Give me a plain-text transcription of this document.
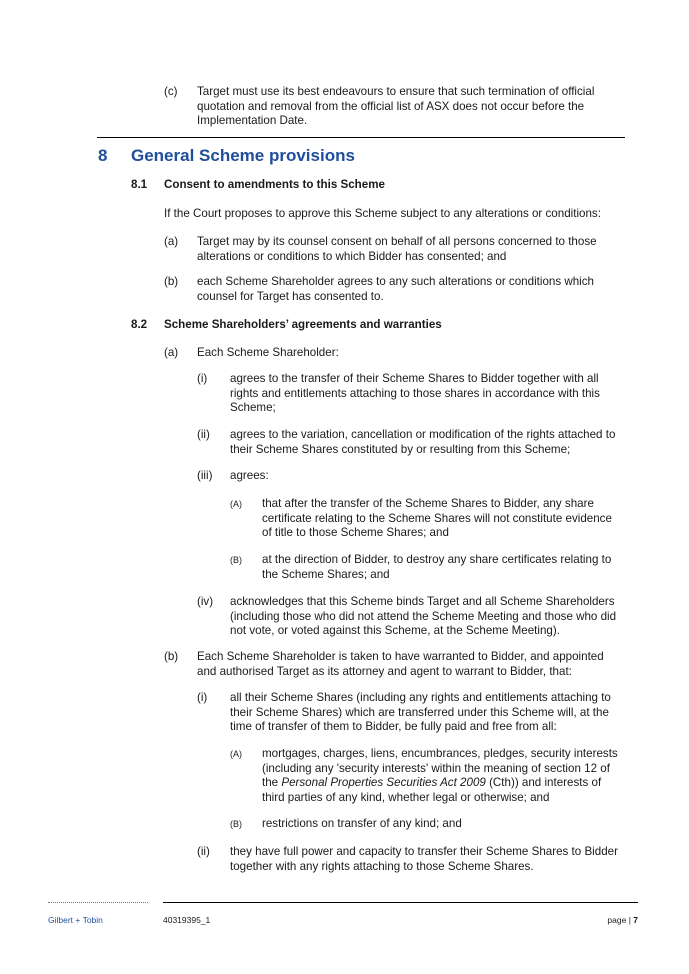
(c) Target must use its best endeavours to ensure that such termination of official quotation and removal from the official list of ASX does not occur before the Implementation Date.
8 General Scheme provisions
8.1 Consent to amendments to this Scheme
If the Court proposes to approve this Scheme subject to any alterations or conditions:
(a) Target may by its counsel consent on behalf of all persons concerned to those alterations or conditions to which Bidder has consented; and
(b) each Scheme Shareholder agrees to any such alterations or conditions which counsel for Target has consented to.
8.2 Scheme Shareholders’ agreements and warranties
(a) Each Scheme Shareholder:
(i) agrees to the transfer of their Scheme Shares to Bidder together with all rights and entitlements attaching to those shares in accordance with this Scheme;
(ii) agrees to the variation, cancellation or modification of the rights attached to their Scheme Shares constituted by or resulting from this Scheme;
(iii) agrees:
(A) that after the transfer of the Scheme Shares to Bidder, any share certificate relating to the Scheme Shares will not constitute evidence of title to those Scheme Shares; and
(B) at the direction of Bidder, to destroy any share certificates relating to the Scheme Shares; and
(iv) acknowledges that this Scheme binds Target and all Scheme Shareholders (including those who did not attend the Scheme Meeting and those who did not vote, or voted against this Scheme, at the Scheme Meeting).
(b) Each Scheme Shareholder is taken to have warranted to Bidder, and appointed and authorised Target as its attorney and agent to warrant to Bidder, that:
(i) all their Scheme Shares (including any rights and entitlements attaching to their Scheme Shares) which are transferred under this Scheme will, at the time of transfer of them to Bidder, be fully paid and free from all:
(A) mortgages, charges, liens, encumbrances, pledges, security interests (including any 'security interests' within the meaning of section 12 of the Personal Properties Securities Act 2009 (Cth)) and interests of third parties of any kind, whether legal or otherwise; and
(B) restrictions on transfer of any kind; and
(ii) they have full power and capacity to transfer their Scheme Shares to Bidder together with any rights attaching to those Scheme Shares.
Gilbert + Tobin	40319395_1	page | 7
